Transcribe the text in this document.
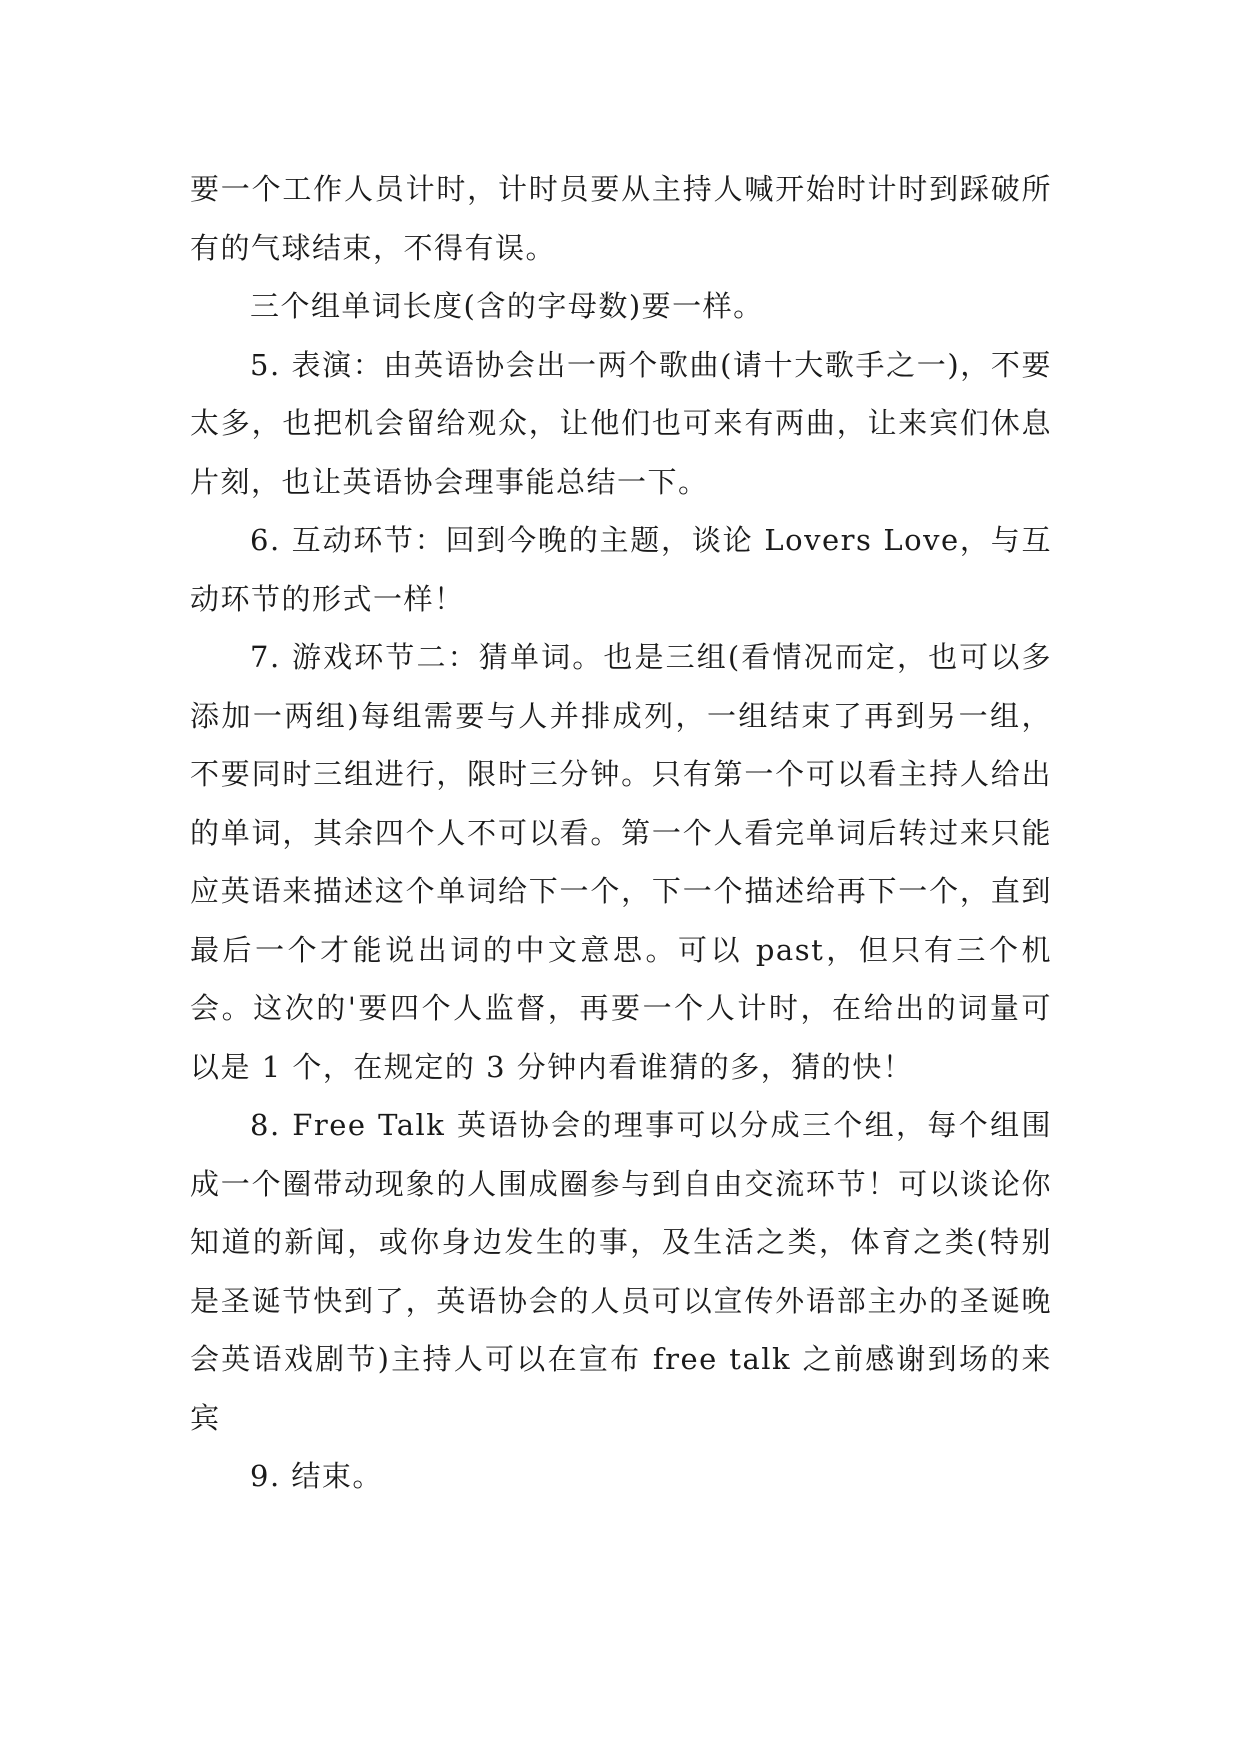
要一个工作人员计时，计时员要从主持人喊开始时计时到踩破所有的气球结束，不得有误。

三个组单词长度(含的字母数)要一样。

5. 表演：由英语协会出一两个歌曲(请十大歌手之一)，不要太多，也把机会留给观众，让他们也可来有两曲，让来宾们休息片刻，也让英语协会理事能总结一下。

6. 互动环节：回到今晚的主题，谈论 Lovers Love，与互动环节的形式一样！

7. 游戏环节二：猜单词。也是三组(看情况而定，也可以多添加一两组)每组需要与人并排成列，一组结束了再到另一组，不要同时三组进行，限时三分钟。只有第一个可以看主持人给出的单词，其余四个人不可以看。第一个人看完单词后转过来只能应英语来描述这个单词给下一个，下一个描述给再下一个，直到最后一个才能说出词的中文意思。可以 past，但只有三个机会。这次的'要四个人监督，再要一个人计时，在给出的词量可以是 1 个，在规定的 3 分钟内看谁猜的多，猜的快！

8. Free Talk 英语协会的理事可以分成三个组，每个组围成一个圈带动现象的人围成圈参与到自由交流环节！可以谈论你知道的新闻，或你身边发生的事，及生活之类，体育之类(特别是圣诞节快到了，英语协会的人员可以宣传外语部主办的圣诞晚会英语戏剧节)主持人可以在宣布 free talk 之前感谢到场的来宾

9. 结束。
